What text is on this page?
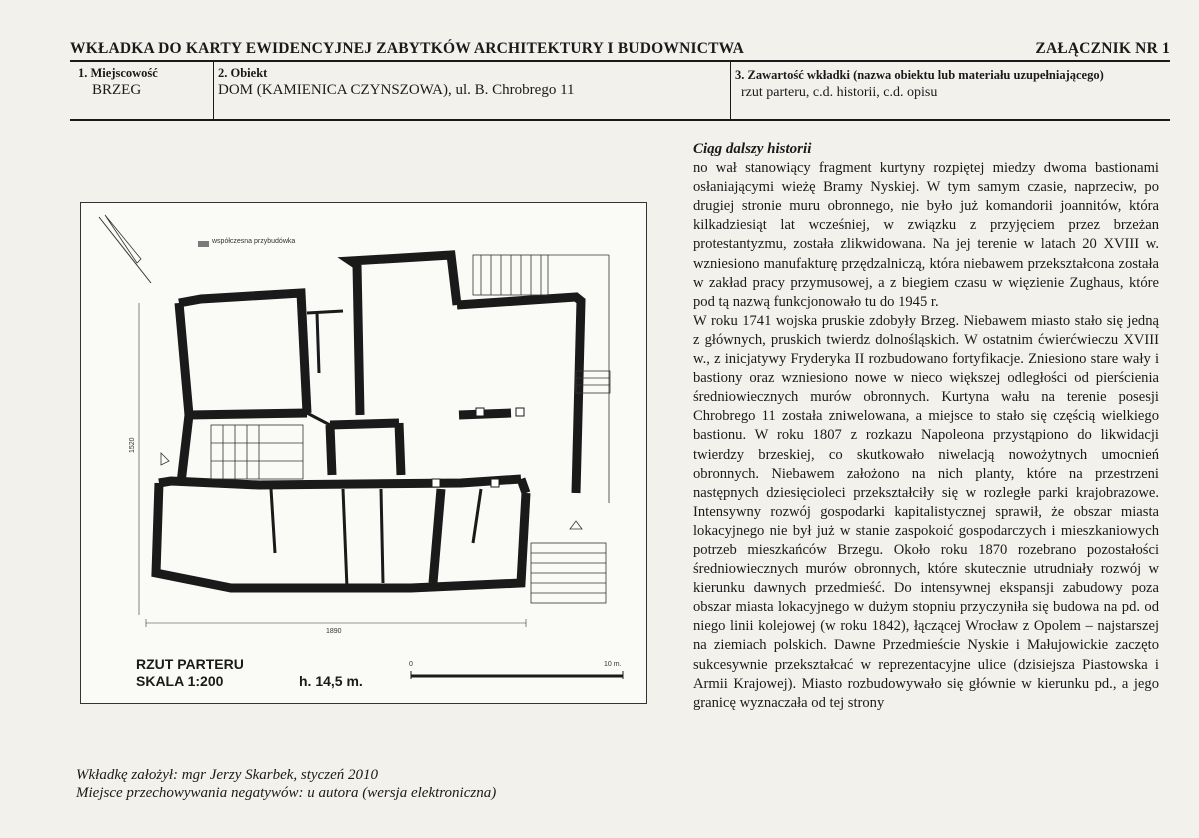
WKŁADKA DO KARTY EWIDENCYJNEJ ZABYTKÓW ARCHITEKTURY I BUDOWNICTWA	ZAŁĄCZNIK NR 1
1. Miejscowość
BRZEG
2. Obiekt
DOM (KAMIENICA CZYNSZOWA), ul. B. Chrobrego 11
3. Zawartość wkładki (nazwa obiektu lub materiału uzupełniającego)
rzut parteru, c.d. historii, c.d. opisu
współczesna przybudówka
1890
1520
RZUT PARTERU
SKALA 1:200	h. 14,5 m.
0	10 m.
Wkładkę założył: mgr Jerzy Skarbek, styczeń 2010
Miejsce przechowywania negatywów: u autora (wersja elektroniczna)
Ciąg dalszy historii

no wał stanowiący fragment kurtyny rozpiętej miedzy dwoma bastionami osłaniającymi wieżę Bramy Nyskiej. W tym samym czasie, naprzeciw, po drugiej stronie muru obronnego, nie było już komandorii joannitów, która kilkadziesiąt lat wcześniej, w związku z przyjęciem przez brzeżan protestantyzmu, została zlikwidowana. Na jej terenie w latach 20 XVIII w. wzniesiono manufakturę przędzalniczą, która niebawem przekształcona została w zakład pracy przymusowej, a z biegiem czasu w więzienie Zughaus, które pod tą nazwą funkcjonowało tu do 1945 r.

W roku 1741 wojska pruskie zdobyły Brzeg. Niebawem miasto stało się jedną z głównych, pruskich twierdz dolnośląskich. W ostatnim ćwierćwieczu XVIII w., z inicjatywy Fryderyka II rozbudowano fortyfikacje. Zniesiono stare wały i bastiony oraz wzniesiono nowe w nieco większej odległości od pierścienia średniowiecznych murów obronnych. Kurtyna wału na terenie posesji Chrobrego 11 została zniwelowana, a miejsce to stało się częścią wielkiego bastionu. W roku 1807 z rozkazu Napoleona przystąpiono do likwidacji twierdzy brzeskiej, co skutkowało niwelacją nowożytnych umocnień obronnych. Niebawem założono na nich planty, które na przestrzeni następnych dziesięcioleci przekształciły się w rozległe parki krajobrazowe. Intensywny rozwój gospodarki kapitalistycznej sprawił, że obszar miasta lokacyjnego nie był już w stanie zaspokoić gospodarczych i mieszkaniowych potrzeb mieszkańców Brzegu. Około roku 1870 rozebrano pozostałości średniowiecznych murów obronnych, które skutecznie utrudniały rozwój w kierunku dawnych przedmieść. Do intensywnej ekspansji zabudowy poza obszar miasta lokacyjnego w dużym stopniu przyczyniła się budowa na pd. od niego linii kolejowej (w roku 1842), łączącej Wrocław z Opolem – najstarszej na ziemiach polskich. Dawne Przedmieście Nyskie i Małujowickie zaczęto sukcesywnie przekształcać w reprezentacyjne ulice (dzisiejsza Piastowska i Armii Krajowej). Miasto rozbudowywało się głównie w kierunku pd., a jego granicę wyznaczała od tej strony
